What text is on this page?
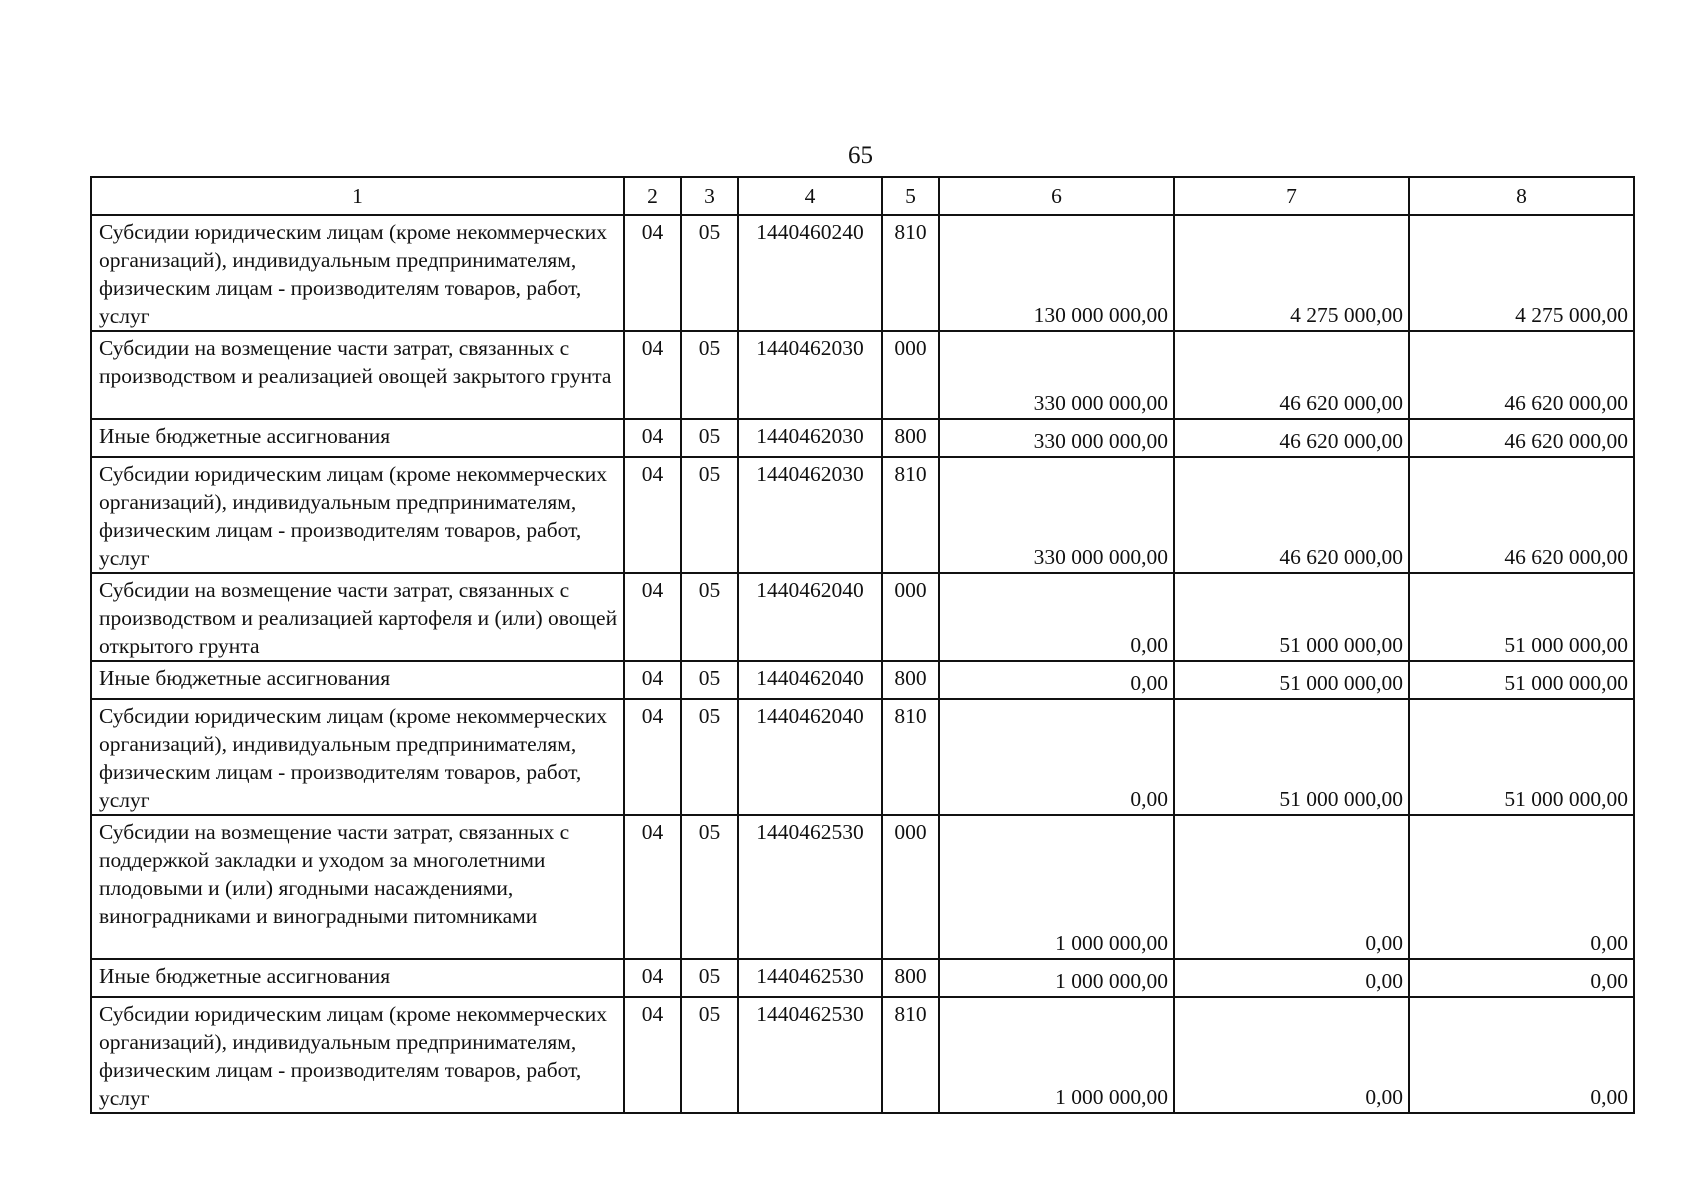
65
1	2	3	4	5	6	7	8
Субсидии юридическим лицам (кроме некоммерческих организаций), индивидуальным предпринимателям, физическим лицам - производителям товаров, работ, услуг	04	05	1440460240	810	130 000 000,00	4 275 000,00	4 275 000,00
Субсидии на возмещение части затрат, связанных с производством и реализацией овощей закрытого грунта	04	05	1440462030	000	330 000 000,00	46 620 000,00	46 620 000,00
Иные бюджетные ассигнования	04	05	1440462030	800	330 000 000,00	46 620 000,00	46 620 000,00
Субсидии юридическим лицам (кроме некоммерческих организаций), индивидуальным предпринимателям, физическим лицам - производителям товаров, работ, услуг	04	05	1440462030	810	330 000 000,00	46 620 000,00	46 620 000,00
Субсидии на возмещение части затрат, связанных с производством и реализацией картофеля и (или) овощей открытого грунта	04	05	1440462040	000	0,00	51 000 000,00	51 000 000,00
Иные бюджетные ассигнования	04	05	1440462040	800	0,00	51 000 000,00	51 000 000,00
Субсидии юридическим лицам (кроме некоммерческих организаций), индивидуальным предпринимателям, физическим лицам - производителям товаров, работ, услуг	04	05	1440462040	810	0,00	51 000 000,00	51 000 000,00
Субсидии на возмещение части затрат, связанных с поддержкой закладки и уходом за многолетними плодовыми и (или) ягодными насаждениями, виноградниками и виноградными питомниками	04	05	1440462530	000	1 000 000,00	0,00	0,00
Иные бюджетные ассигнования	04	05	1440462530	800	1 000 000,00	0,00	0,00
Субсидии юридическим лицам (кроме некоммерческих организаций), индивидуальным предпринимателям, физическим лицам - производителям товаров, работ, услуг	04	05	1440462530	810	1 000 000,00	0,00	0,00
